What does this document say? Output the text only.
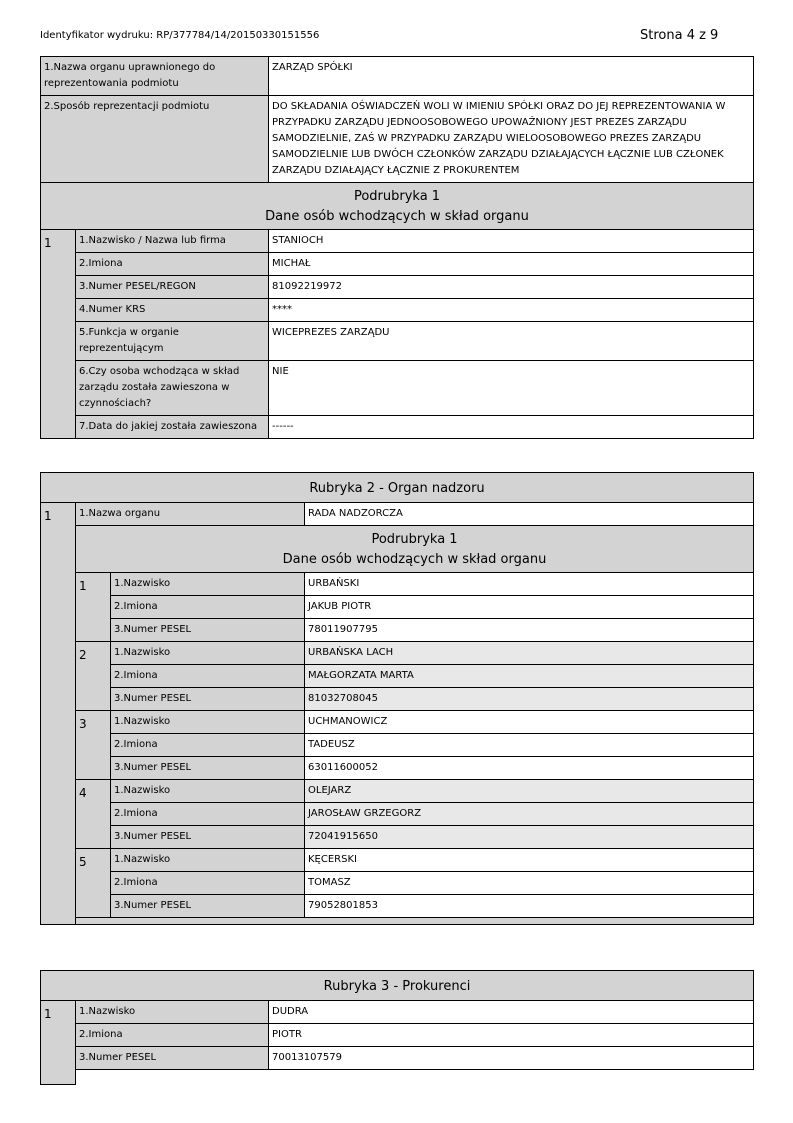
Identyfikator wydruku: RP/377784/14/20150330151556	Strona 4 z 9
1.Nazwa organu uprawnionego do reprezentowania podmiotu		ZARZĄD SPÓŁKI
2.Sposób reprezentacji podmiotu		DO SKŁADANIA OŚWIADCZEŃ WOLI W IMIENIU SPÓŁKI ORAZ DO JEJ REPREZENTOWANIA W PRZYPADKU ZARZĄDU JEDNOOSOBOWEGO UPOWAŻNIONY JEST PREZES ZARZĄDU SAMODZIELNIE, ZAŚ W PRZYPADKU ZARZĄDU WIELOOSOBOWEGO PREZES ZARZĄDU SAMODZIELNIE LUB DWÓCH CZŁONKÓW ZARZĄDU DZIAŁAJĄCYCH ŁĄCZNIE LUB CZŁONEK ZARZĄDU DZIAŁAJĄCY ŁĄCZNIE Z PROKURENTEM

Podrubryka 1
Dane osób wchodzących w skład organu		

1	1.Nazwisko / Nazwa lub firma	STANIOCH
	2.Imiona	MICHAŁ
	3.Numer PESEL/REGON	81092219972
	4.Numer KRS	****
	5.Funkcja w organie reprezentującym	WICEPREZES ZARZĄDU
	6.Czy osoba wchodząca w skład zarządu została zawieszona w czynnościach?	NIE
	7.Data do jakiej została zawieszona	------
Rubryka 2 - Organ nadzoru			
1	1.Nazwa organu		RADA NADZORCZA

	Podrubryka 1
Dane osób wchodzących w skład organu		

	1	1.Nazwisko	URBAŃSKI
		2.Imiona	JAKUB PIOTR
		3.Numer PESEL	78011907795
	2	1.Nazwisko	URBAŃSKA LACH
		2.Imiona	MAŁGORZATA MARTA
		3.Numer PESEL	81032708045
	3	1.Nazwisko	UCHMANOWICZ
		2.Imiona	TADEUSZ
		3.Numer PESEL	63011600052
	4	1.Nazwisko	OLEJARZ
		2.Imiona	JAROSŁAW GRZEGORZ
		3.Numer PESEL	72041915650
	5	1.Nazwisko	KĘCERSKI
		2.Imiona	TOMASZ
		3.Numer PESEL	79052801853

Rubryka 3 - Prokurenci		
1	1.Nazwisko	DUDRA
	2.Imiona	PIOTR
	3.Numer PESEL	70013107579
